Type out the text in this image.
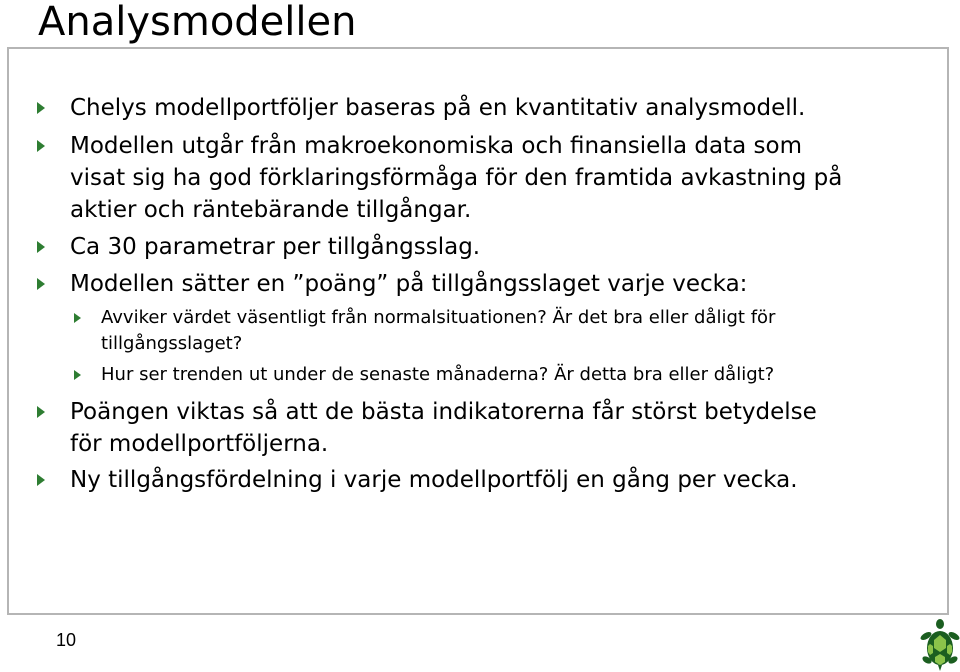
Analysmodellen
Chelys modellportföljer baseras på en kvantitativ analysmodell.
Modellen utgår från makroekonomiska och finansiella data som
visat sig ha god förklaringsförmåga för den framtida avkastning på
aktier och räntebärande tillgångar.
Ca 30 parametrar per tillgångsslag.
Modellen sätter en ”poäng” på tillgångsslaget varje vecka:
Avviker värdet väsentligt från normalsituationen? Är det bra eller dåligt för
tillgångsslaget?
Hur ser trenden ut under de senaste månaderna? Är detta bra eller dåligt?
Poängen viktas så att de bästa indikatorerna får störst betydelse
för modellportföljerna.
Ny tillgångsfördelning i varje modellportfölj en gång per vecka.
10
